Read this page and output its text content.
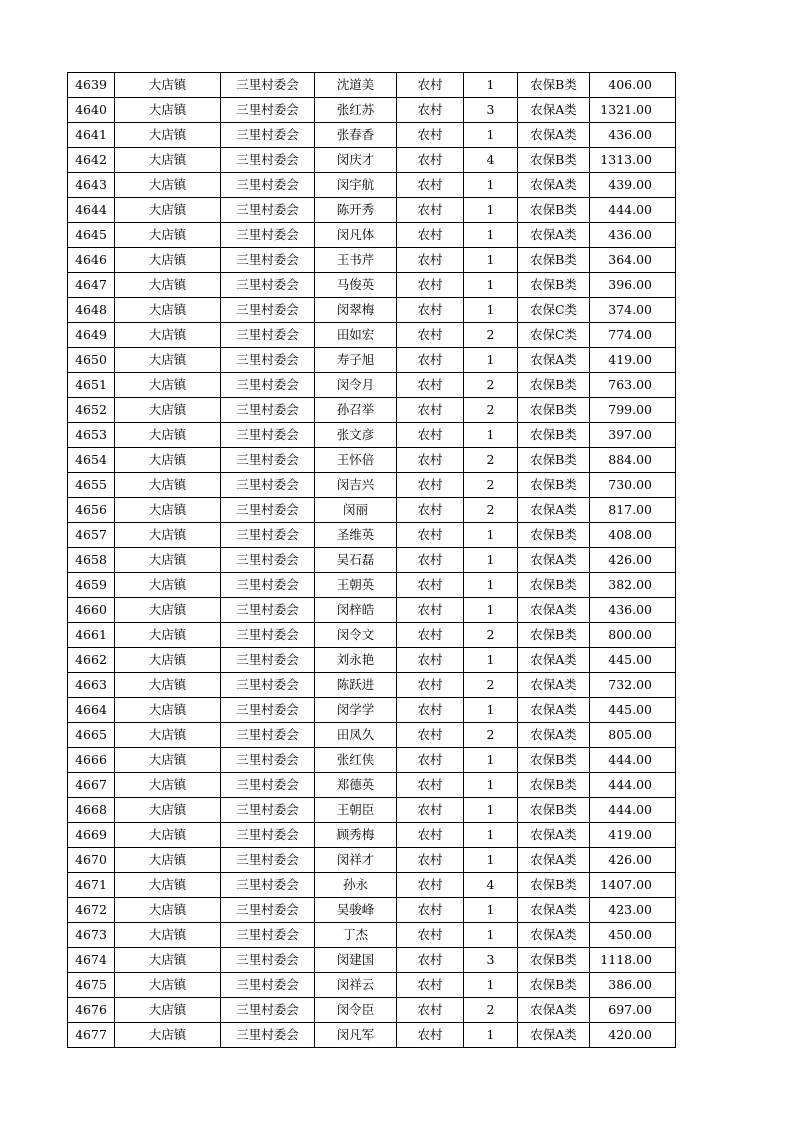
4639	大店镇	三里村委会	沈道美	农村	1	农保B类	406.00
4640	大店镇	三里村委会	张红苏	农村	3	农保A类	1321.00
4641	大店镇	三里村委会	张春香	农村	1	农保A类	436.00
4642	大店镇	三里村委会	闵庆才	农村	4	农保B类	1313.00
4643	大店镇	三里村委会	闵宇航	农村	1	农保A类	439.00
4644	大店镇	三里村委会	陈开秀	农村	1	农保B类	444.00
4645	大店镇	三里村委会	闵凡体	农村	1	农保A类	436.00
4646	大店镇	三里村委会	王书芹	农村	1	农保B类	364.00
4647	大店镇	三里村委会	马俊英	农村	1	农保B类	396.00
4648	大店镇	三里村委会	闵翠梅	农村	1	农保C类	374.00
4649	大店镇	三里村委会	田如宏	农村	2	农保C类	774.00
4650	大店镇	三里村委会	寿子旭	农村	1	农保A类	419.00
4651	大店镇	三里村委会	闵令月	农村	2	农保B类	763.00
4652	大店镇	三里村委会	孙召举	农村	2	农保B类	799.00
4653	大店镇	三里村委会	张文彦	农村	1	农保B类	397.00
4654	大店镇	三里村委会	王怀倍	农村	2	农保B类	884.00
4655	大店镇	三里村委会	闵吉兴	农村	2	农保B类	730.00
4656	大店镇	三里村委会	闵丽	农村	2	农保A类	817.00
4657	大店镇	三里村委会	圣维英	农村	1	农保B类	408.00
4658	大店镇	三里村委会	吴石磊	农村	1	农保A类	426.00
4659	大店镇	三里村委会	王朝英	农村	1	农保B类	382.00
4660	大店镇	三里村委会	闵梓皓	农村	1	农保A类	436.00
4661	大店镇	三里村委会	闵令文	农村	2	农保B类	800.00
4662	大店镇	三里村委会	刘永艳	农村	1	农保A类	445.00
4663	大店镇	三里村委会	陈跃进	农村	2	农保A类	732.00
4664	大店镇	三里村委会	闵学学	农村	1	农保A类	445.00
4665	大店镇	三里村委会	田凤久	农村	2	农保A类	805.00
4666	大店镇	三里村委会	张红侠	农村	1	农保B类	444.00
4667	大店镇	三里村委会	郑德英	农村	1	农保B类	444.00
4668	大店镇	三里村委会	王朝臣	农村	1	农保B类	444.00
4669	大店镇	三里村委会	顾秀梅	农村	1	农保A类	419.00
4670	大店镇	三里村委会	闵祥才	农村	1	农保A类	426.00
4671	大店镇	三里村委会	孙永	农村	4	农保B类	1407.00
4672	大店镇	三里村委会	吴骏峰	农村	1	农保A类	423.00
4673	大店镇	三里村委会	丁杰	农村	1	农保A类	450.00
4674	大店镇	三里村委会	闵建国	农村	3	农保B类	1118.00
4675	大店镇	三里村委会	闵祥云	农村	1	农保B类	386.00
4676	大店镇	三里村委会	闵令臣	农村	2	农保A类	697.00
4677	大店镇	三里村委会	闵凡军	农村	1	农保A类	420.00
